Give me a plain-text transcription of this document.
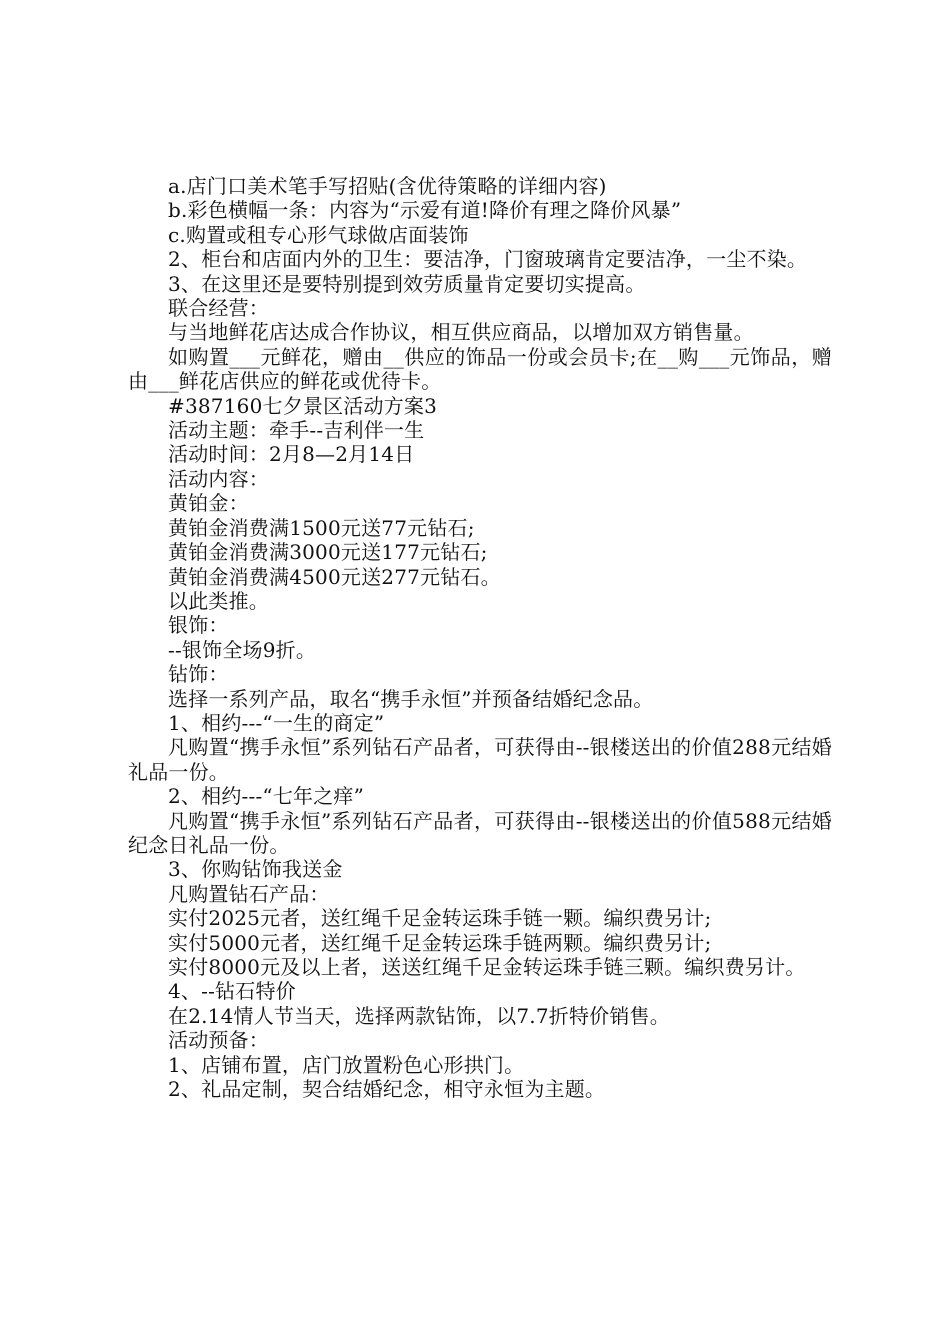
a.店门口美术笔手写招贴(含优待策略的详细内容)

b.彩色横幅一条：内容为“示爱有道!降价有理之降价风暴”

c.购置或租专心形气球做店面装饰

2、柜台和店面内外的卫生：要洁净，门窗玻璃肯定要洁净，一尘不染。

3、在这里还是要特别提到效劳质量肯定要切实提高。

联合经营：

与当地鲜花店达成合作协议，相互供应商品，以增加双方销售量。

如购置___元鲜花，赠由__供应的饰品一份或会员卡;在__购___元饰品，赠由___鲜花店供应的鲜花或优待卡。

#387160七夕景区活动方案3

活动主题：牵手--吉利伴一生

活动时间：2月8—2月14日

活动内容：

黄铂金：

黄铂金消费满1500元送77元钻石;

黄铂金消费满3000元送177元钻石;

黄铂金消费满4500元送277元钻石。

以此类推。

银饰：

--银饰全场9折。

钻饰：

选择一系列产品，取名“携手永恒”并预备结婚纪念品。

1、相约---“一生的商定”

凡购置“携手永恒”系列钻石产品者，可获得由--银楼送出的价值288元结婚礼品一份。

2、相约---“七年之痒”

凡购置“携手永恒”系列钻石产品者，可获得由--银楼送出的价值588元结婚纪念日礼品一份。

3、你购钻饰我送金

凡购置钻石产品：

实付2025元者，送红绳千足金转运珠手链一颗。编织费另计;

实付5000元者，送红绳千足金转运珠手链两颗。编织费另计;

实付8000元及以上者，送送红绳千足金转运珠手链三颗。编织费另计。

4、--钻石特价

在2.14情人节当天，选择两款钻饰，以7.7折特价销售。

活动预备：

1、店铺布置，店门放置粉色心形拱门。

2、礼品定制，契合结婚纪念，相守永恒为主题。
